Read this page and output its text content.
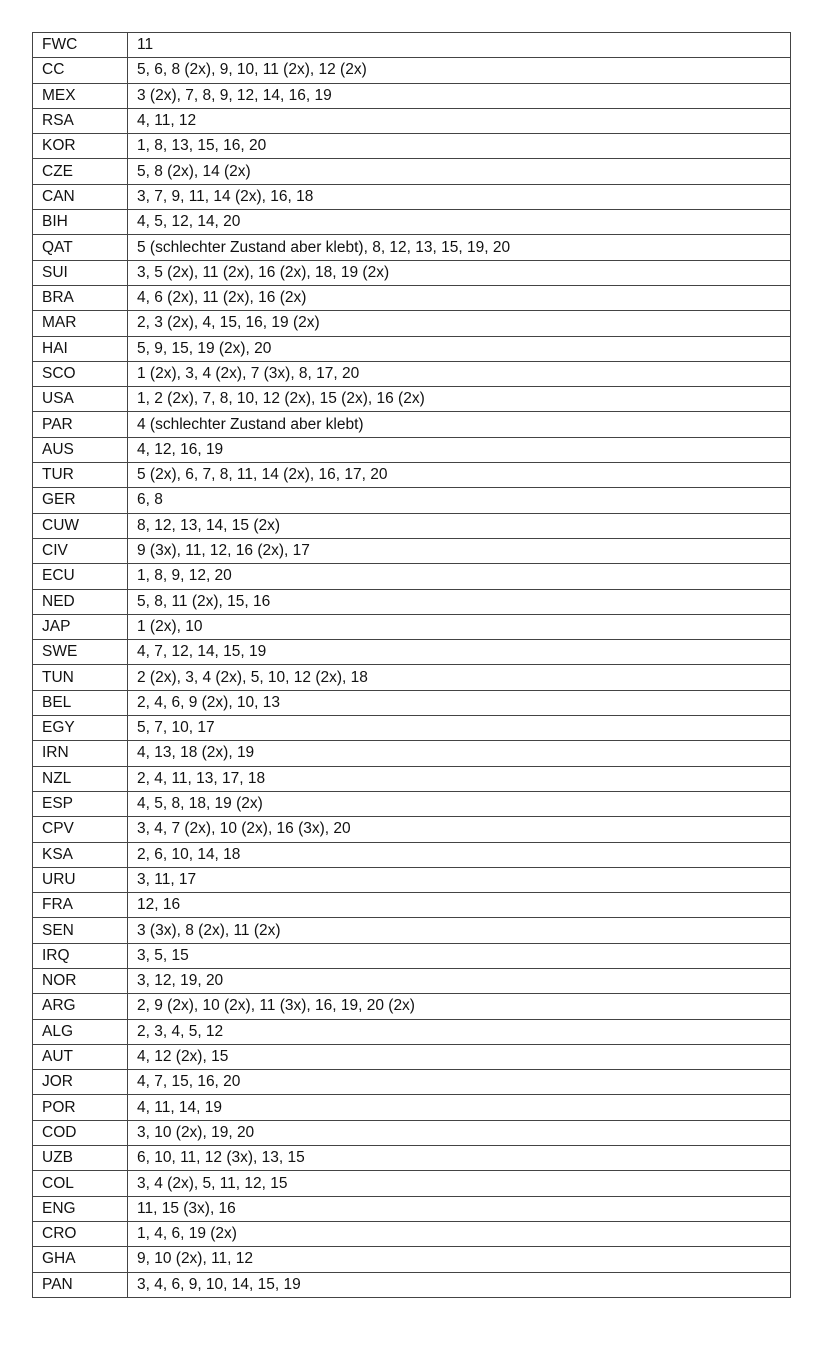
FWC	11
CC	5, 6, 8 (2x), 9, 10, 11 (2x), 12 (2x)
MEX	3 (2x), 7, 8, 9, 12, 14, 16, 19
RSA	4, 11, 12
KOR	1, 8, 13, 15, 16, 20
CZE	5, 8 (2x), 14 (2x)
CAN	3, 7, 9, 11, 14 (2x), 16, 18
BIH	4, 5, 12, 14, 20
QAT	5 (schlechter Zustand aber klebt), 8, 12, 13, 15, 19, 20
SUI	3, 5 (2x), 11 (2x), 16 (2x), 18, 19 (2x)
BRA	4, 6 (2x), 11 (2x), 16 (2x)
MAR	2, 3 (2x), 4, 15, 16, 19 (2x)
HAI	5, 9, 15, 19 (2x), 20
SCO	1 (2x), 3, 4 (2x), 7 (3x), 8, 17, 20
USA	1, 2 (2x), 7, 8, 10, 12 (2x), 15 (2x), 16 (2x)
PAR	4 (schlechter Zustand aber klebt)
AUS	4, 12, 16, 19
TUR	5 (2x), 6, 7, 8, 11, 14 (2x), 16, 17, 20
GER	6, 8
CUW	8, 12, 13, 14, 15 (2x)
CIV	9 (3x), 11, 12, 16 (2x), 17
ECU	1, 8, 9, 12, 20
NED	5, 8, 11 (2x), 15, 16
JAP	1 (2x), 10
SWE	4, 7, 12, 14, 15, 19
TUN	2 (2x), 3, 4 (2x), 5, 10, 12 (2x), 18
BEL	2, 4, 6, 9 (2x), 10, 13
EGY	5, 7, 10, 17
IRN	4, 13, 18 (2x), 19
NZL	2, 4, 11, 13, 17, 18
ESP	4, 5, 8, 18, 19 (2x)
CPV	3, 4, 7 (2x), 10 (2x), 16 (3x), 20
KSA	2, 6, 10, 14, 18
URU	3, 11, 17
FRA	12, 16
SEN	3 (3x), 8 (2x), 11 (2x)
IRQ	3, 5, 15
NOR	3, 12, 19, 20
ARG	2, 9 (2x), 10 (2x), 11 (3x), 16, 19, 20 (2x)
ALG	2, 3, 4, 5, 12
AUT	4, 12 (2x), 15
JOR	4, 7, 15, 16, 20
POR	4, 11, 14, 19
COD	3, 10 (2x), 19, 20
UZB	6, 10, 11, 12 (3x), 13, 15
COL	3, 4 (2x), 5, 11, 12, 15
ENG	11, 15 (3x), 16
CRO	1, 4, 6, 19 (2x)
GHA	9, 10 (2x), 11, 12
PAN	3, 4, 6, 9, 10, 14, 15, 19
